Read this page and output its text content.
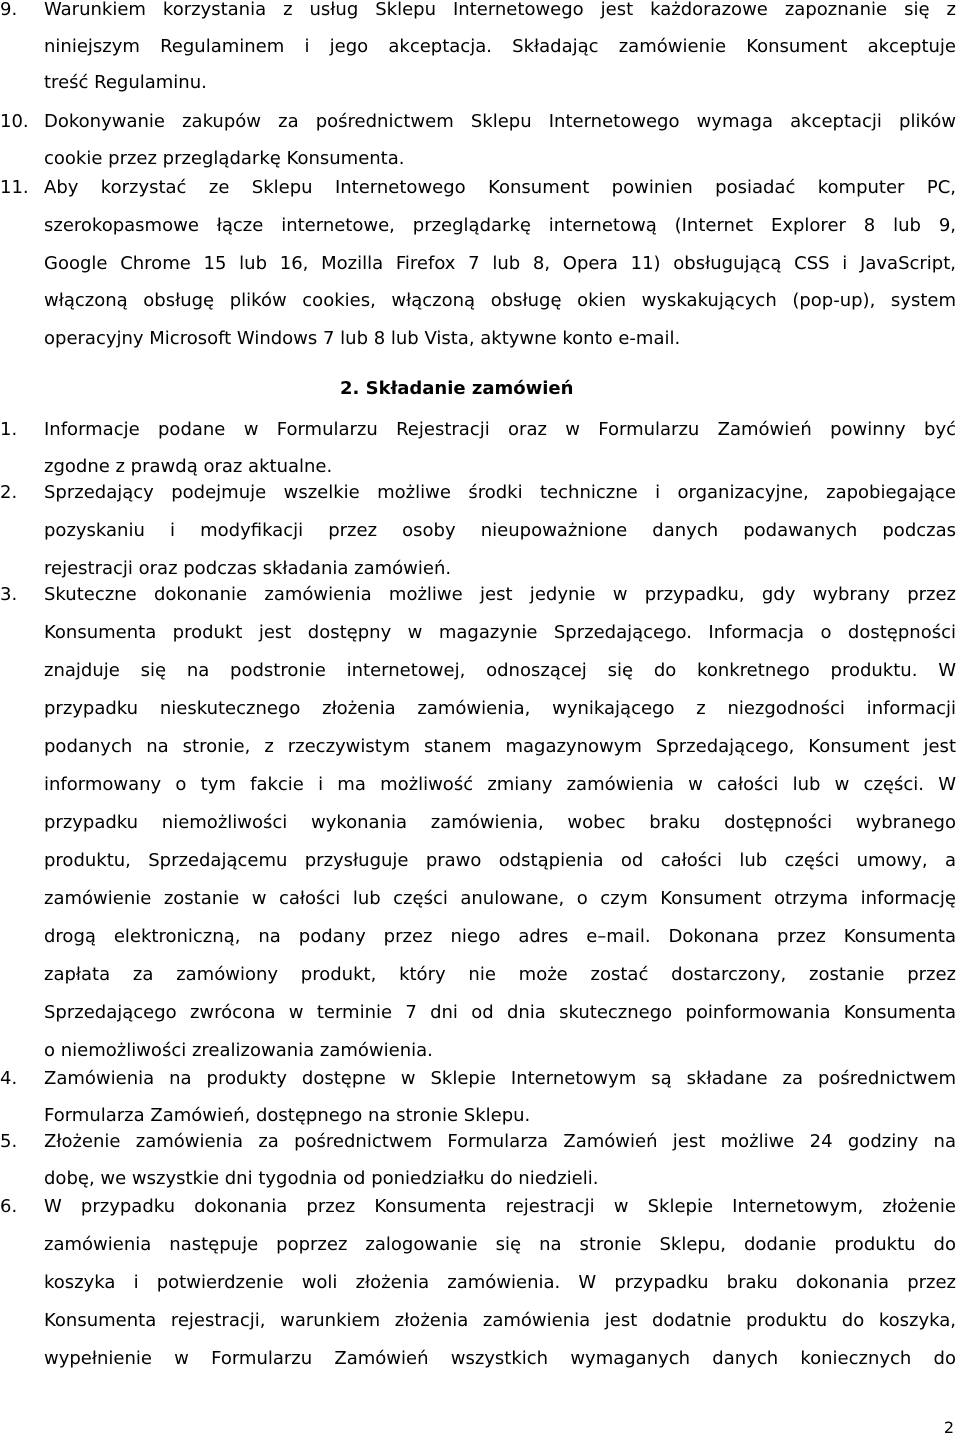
9. Warunkiem korzystania z usług Sklepu Internetowego jest każdorazowe zapoznanie się z
niniejszym Regulaminem i jego akceptacja. Składając zamówienie Konsument akceptuje
treść Regulaminu.
10. Dokonywanie zakupów za pośrednictwem Sklepu Internetowego wymaga akceptacji plików
cookie przez przeglądarkę Konsumenta.
11. Aby korzystać ze Sklepu Internetowego Konsument powinien posiadać komputer PC,
szerokopasmowe łącze internetowe, przeglądarkę internetową (Internet Explorer 8 lub 9,
Google Chrome 15 lub 16, Mozilla Firefox 7 lub 8, Opera 11) obsługującą CSS i JavaScript,
włączoną obsługę plików cookies, włączoną obsługę okien wyskakujących (pop-up), system
operacyjny Microsoft Windows 7 lub 8 lub Vista, aktywne konto e-mail.
2. Składanie zamówień
1. Informacje podane w Formularzu Rejestracji oraz w Formularzu Zamówień powinny być
zgodne z prawdą oraz aktualne.
2. Sprzedający podejmuje wszelkie możliwe środki techniczne i organizacyjne, zapobiegające
pozyskaniu i modyfikacji przez osoby nieupoważnione danych podawanych podczas
rejestracji oraz podczas składania zamówień.
3. Skuteczne dokonanie zamówienia możliwe jest jedynie w przypadku, gdy wybrany przez
Konsumenta produkt jest dostępny w magazynie Sprzedającego. Informacja o dostępności
znajduje się na podstronie internetowej, odnoszącej się do konkretnego produktu. W
przypadku nieskutecznego złożenia zamówienia, wynikającego z niezgodności informacji
podanych na stronie, z rzeczywistym stanem magazynowym Sprzedającego, Konsument jest
informowany o tym fakcie i ma możliwość zmiany zamówienia w całości lub w części. W
przypadku niemożliwości wykonania zamówienia, wobec braku dostępności wybranego
produktu, Sprzedającemu przysługuje prawo odstąpienia od całości lub części umowy, a
zamówienie zostanie w całości lub części anulowane, o czym Konsument otrzyma informację
drogą elektroniczną, na podany przez niego adres e–mail. Dokonana przez Konsumenta
zapłata za zamówiony produkt, który nie może zostać dostarczony, zostanie przez
Sprzedającego zwrócona w terminie 7 dni od dnia skutecznego poinformowania Konsumenta
o niemożliwości zrealizowania zamówienia.
4. Zamówienia na produkty dostępne w Sklepie Internetowym są składane za pośrednictwem
Formularza Zamówień, dostępnego na stronie Sklepu.
5. Złożenie zamówienia za pośrednictwem Formularza Zamówień jest możliwe 24 godziny na
dobę, we wszystkie dni tygodnia od poniedziałku do niedzieli.
6. W przypadku dokonania przez Konsumenta rejestracji w Sklepie Internetowym, złożenie
zamówienia następuje poprzez zalogowanie się na stronie Sklepu, dodanie produktu do
koszyka i potwierdzenie woli złożenia zamówienia. W przypadku braku dokonania przez
Konsumenta rejestracji, warunkiem złożenia zamówienia jest dodatnie produktu do koszyka,
wypełnienie w Formularzu Zamówień wszystkich wymaganych danych koniecznych do
2
